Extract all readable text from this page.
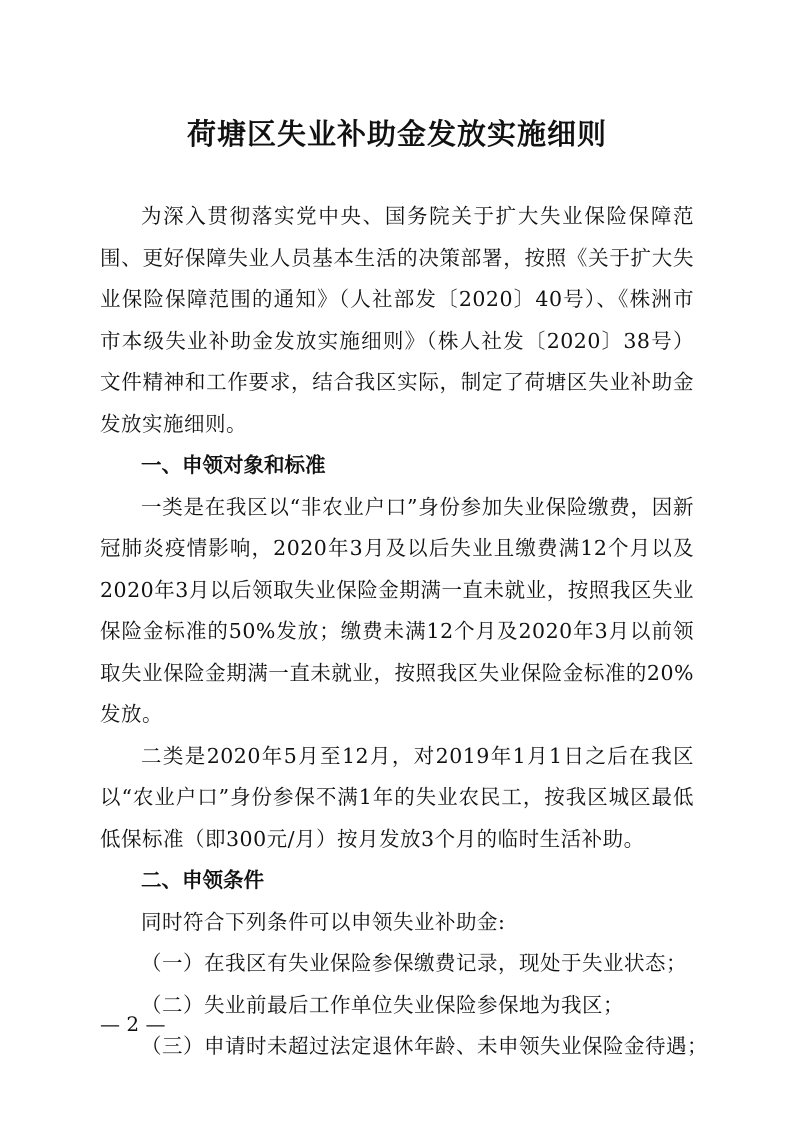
荷塘区失业补助金发放实施细则

为深入贯彻落实党中央、国务院关于扩大失业保险保障范围、更好保障失业人员基本生活的决策部署，按照《关于扩大失业保险保障范围的通知》（人社部发〔2020〕40号）、《株洲市市本级失业补助金发放实施细则》（株人社发〔2020〕38号）文件精神和工作要求，结合我区实际，制定了荷塘区失业补助金发放实施细则。

一、申领对象和标准

一类是在我区以“非农业户口”身份参加失业保险缴费，因新冠肺炎疫情影响，2020年3月及以后失业且缴费满12个月以及2020年3月以后领取失业保险金期满一直未就业，按照我区失业保险金标准的50%发放；缴费未满12个月及2020年3月以前领取失业保险金期满一直未就业，按照我区失业保险金标准的20%发放。

二类是2020年5月至12月，对2019年1月1日之后在我区以“农业户口”身份参保不满1年的失业农民工，按我区城区最低低保标准（即300元/月）按月发放3个月的临时生活补助。

二、申领条件

同时符合下列条件可以申领失业补助金:

（一）在我区有失业保险参保缴费记录，现处于失业状态；

（二）失业前最后工作单位失业保险参保地为我区；

（三）申请时未超过法定退休年龄、未申领失业保险金待遇；

— 2 —
